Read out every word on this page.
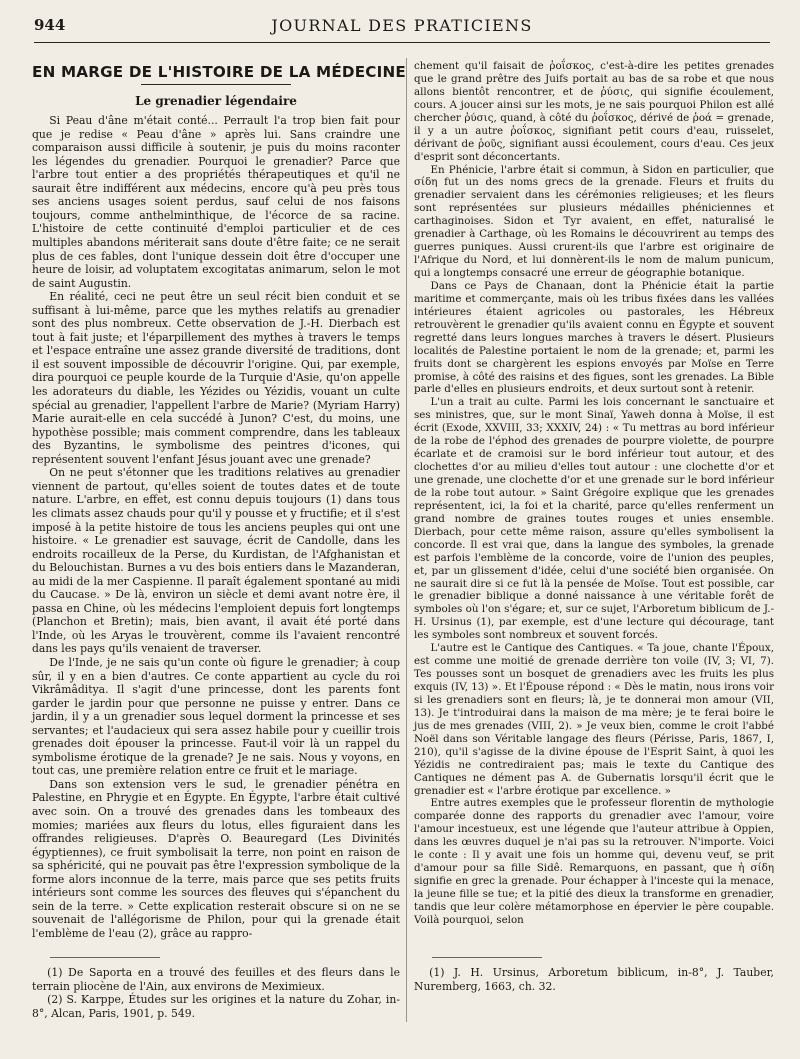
944	JOURNAL DES PRATICIENS
EN MARGE DE L'HISTOIRE DE LA MÉDECINE
Le grenadier légendaire

Si Peau d'âne m'était conté... Perrault l'a trop bien fait pour que je redise « Peau d'âne » après lui. Sans craindre une comparaison aussi difficile à soutenir, je puis du moins raconter les légendes du grenadier. Pourquoi le grenadier? Parce que l'arbre tout entier a des propriétés thérapeutiques et qu'il ne saurait être indifférent aux médecins, encore qu'à peu près tous ses anciens usages soient perdus, sauf celui de nos faisons toujours, comme anthelminthique, de l'écorce de sa racine. L'histoire de cette continuité d'emploi particulier et de ces multiples abandons mériterait sans doute d'être faite; ce ne serait plus de ces fables, dont l'unique dessein doit être d'occuper une heure de loisir, ad voluptatem excogitatas animarum, selon le mot de saint Augustin.

En réalité, ceci ne peut être un seul récit bien conduit et se suffisant à lui-même, parce que les mythes relatifs au grenadier sont des plus nombreux. Cette observation de J.-H. Dierbach est tout à fait juste; et l'éparpillement des mythes à travers le temps et l'espace entraîne une assez grande diversité de traditions, dont il est souvent impossible de découvrir l'origine. Qui, par exemple, dira pourquoi ce peuple kourde de la Turquie d'Asie, qu'on appelle les adorateurs du diable, les Yézides ou Yézidis, vouant un culte spécial au grenadier, l'appellent l'arbre de Marie? (Myriam Harry) Marie aurait-elle en cela succédé à Junon? C'est, du moins, une hypothèse possible; mais comment comprendre, dans les tableaux des Byzantins, le symbolisme des peintres d'icones, qui représentent souvent l'enfant Jésus jouant avec une grenade?

On ne peut s'étonner que les traditions relatives au grenadier viennent de partout, qu'elles soient de toutes dates et de toute nature. L'arbre, en effet, est connu depuis toujours (1) dans tous les climats assez chauds pour qu'il y pousse et y fructifie; et il s'est imposé à la petite histoire de tous les anciens peuples qui ont une histoire. « Le grenadier est sauvage, écrit de Candolle, dans les endroits rocailleux de la Perse, du Kurdistan, de l'Afghanistan et du Belouchistan. Burnes a vu des bois entiers dans le Mazanderan, au midi de la mer Caspienne. Il paraît également spontané au midi du Caucase. » De là, environ un siècle et demi avant notre ère, il passa en Chine, où les médecins l'emploient depuis fort longtemps (Planchon et Bretin); mais, bien avant, il avait été porté dans l'Inde, où les Aryas le trouvèrent, comme ils l'avaient rencontré dans les pays qu'ils venaient de traverser.

De l'Inde, je ne sais qu'un conte où figure le grenadier; à coup sûr, il y en a bien d'autres. Ce conte appartient au cycle du roi Vikrâmâditya. Il s'agit d'une princesse, dont les parents font garder le jardin pour que personne ne puisse y entrer. Dans ce jardin, il y a un grenadier sous lequel dorment la princesse et ses servantes; et l'audacieux qui sera assez habile pour y cueillir trois grenades doit épouser la princesse. Faut-il voir là un rappel du symbolisme érotique de la grenade? Je ne sais. Nous y voyons, en tout cas, une première relation entre ce fruit et le mariage.

Dans son extension vers le sud, le grenadier pénétra en Palestine, en Phrygie et en Égypte. En Égypte, l'arbre était cultivé avec soin. On a trouvé des grenades dans les tombeaux des momies; mariées aux fleurs du lotus, elles figuraient dans les offrandes religieuses. D'après O. Beauregard (Les Divinités égyptiennes), ce fruit symbolisait la terre, non point en raison de sa sphéricité, qui ne pouvait pas être l'expression symbolique de la forme alors inconnue de la terre, mais parce que ses petits fruits intérieurs sont comme les sources des fleuves qui s'épanchent du sein de la terre. » Cette explication resterait obscure si on ne se souvenait de l'allégorisme de Philon, pour qui la grenade était l'emblème de l'eau (2), grâce au rappro-

chement qu'il faisait de ῥοΐσκος, c'est-à-dire les petites grenades que le grand prêtre des Juifs portait au bas de sa robe et que nous allons bientôt rencontrer, et de ῥύσις, qui signifie écoulement, cours. A joucer ainsi sur les mots, je ne sais pourquoi Philon est allé chercher ῥύσις, quand, à côté du ῥοΐσκος, dérivé de ῥοά = grenade, il y a un autre ῥοΐσκος, signifiant petit cours d'eau, ruisselet, dérivant de ῥοῦς, signifiant aussi écoulement, cours d'eau. Ces jeux d'esprit sont déconcertants.

En Phénicie, l'arbre était si commun, à Sidon en particulier, que σίδη fut un des noms grecs de la grenade. Fleurs et fruits du grenadier servaient dans les cérémonies religieuses; et les fleurs sont représentées sur plusieurs médailles phéniciennes et carthaginoises. Sidon et Tyr avaient, en effet, naturalisé le grenadier à Carthage, où les Romains le découvrirent au temps des guerres puniques. Aussi crurent-ils que l'arbre est originaire de l'Afrique du Nord, et lui donnèrent-ils le nom de malum punicum, qui a longtemps consacré une erreur de géographie botanique.

Dans ce Pays de Chanaan, dont la Phénicie était la partie maritime et commerçante, mais où les tribus fixées dans les vallées intérieures étaient agricoles ou pastorales, les Hébreux retrouvèrent le grenadier qu'ils avaient connu en Égypte et souvent regretté dans leurs longues marches à travers le désert. Plusieurs localités de Palestine portaient le nom de la grenade; et, parmi les fruits dont se chargèrent les espions envoyés par Moïse en Terre promise, à côté des raisins et des figues, sont les grenades. La Bible parle d'elles en plusieurs endroits, et deux surtout sont à retenir.

L'un a trait au culte. Parmi les lois concernant le sanctuaire et ses ministres, que, sur le mont Sinaï, Yaweh donna à Moïse, il est écrit (Exode, XXVIII, 33; XXXIV, 24) : « Tu mettras au bord inférieur de la robe de l'éphod des grenades de pourpre violette, de pourpre écarlate et de cramoisi sur le bord inférieur tout autour, et des clochettes d'or au milieu d'elles tout autour : une clochette d'or et une grenade, une clochette d'or et une grenade sur le bord inférieur de la robe tout autour. » Saint Grégoire explique que les grenades représentent, ici, la foi et la charité, parce qu'elles renferment un grand nombre de graines toutes rouges et unies ensemble. Dierbach, pour cette même raison, assure qu'elles symbolisent la concorde. Il est vrai que, dans la langue des symboles, la grenade est parfois l'emblème de la concorde, voire de l'union des peuples, et, par un glissement d'idée, celui d'une société bien organisée. On ne saurait dire si ce fut là la pensée de Moïse. Tout est possible, car le grenadier biblique a donné naissance à une véritable forêt de symboles où l'on s'égare; et, sur ce sujet, l'Arboretum biblicum de J.-H. Ursinus (1), par exemple, est d'une lecture qui décourage, tant les symboles sont nombreux et souvent forcés.

L'autre est le Cantique des Cantiques. « Ta joue, chante l'Époux, est comme une moitié de grenade derrière ton voile (IV, 3; VI, 7). Tes pousses sont un bosquet de grenadiers avec les fruits les plus exquis (IV, 13) ». Et l'Épouse répond : « Dès le matin, nous irons voir si les grenadiers sont en fleurs; là, je te donnerai mon amour (VII, 13). Je t'introduirai dans la maison de ma mère; je te ferai boire le jus de mes grenades (VIII, 2). » Je veux bien, comme le croit l'abbé Noël dans son Véritable langage des fleurs (Périsse, Paris, 1867, I, 210), qu'il s'agisse de la divine épouse de l'Esprit Saint, à quoi les Yézidis ne contrediraient pas; mais le texte du Cantique des Cantiques ne dément pas A. de Gubernatis lorsqu'il écrit que le grenadier est « l'arbre érotique par excellence. »

Entre autres exemples que le professeur florentin de mythologie comparée donne des rapports du grenadier avec l'amour, voire l'amour incestueux, est une légende que l'auteur attribue à Oppien, dans les œuvres duquel je n'ai pas su la retrouver. N'importe. Voici le conte : Il y avait une fois un homme qui, devenu veuf, se prit d'amour pour sa fille Sidê. Remarquons, en passant, que ἡ σίδη signifie en grec la grenade. Pour échapper à l'inceste qui la menace, la jeune fille se tue; et la pitié des dieux la transforme en grenadier, tandis que leur colère métamorphose en épervier le père coupable. Voilà pourquoi, selon

(1) De Saporta en a trouvé des feuilles et des fleurs dans le terrain pliocène de l'Ain, aux environs de Meximieux.

(2) S. Karppe, Études sur les origines et la nature du Zohar, in-8°, Alcan, Paris, 1901, p. 549.

(1) J. H. Ursinus, Arboretum biblicum, in-8°, J. Tauber, Nuremberg, 1663, ch. 32.
